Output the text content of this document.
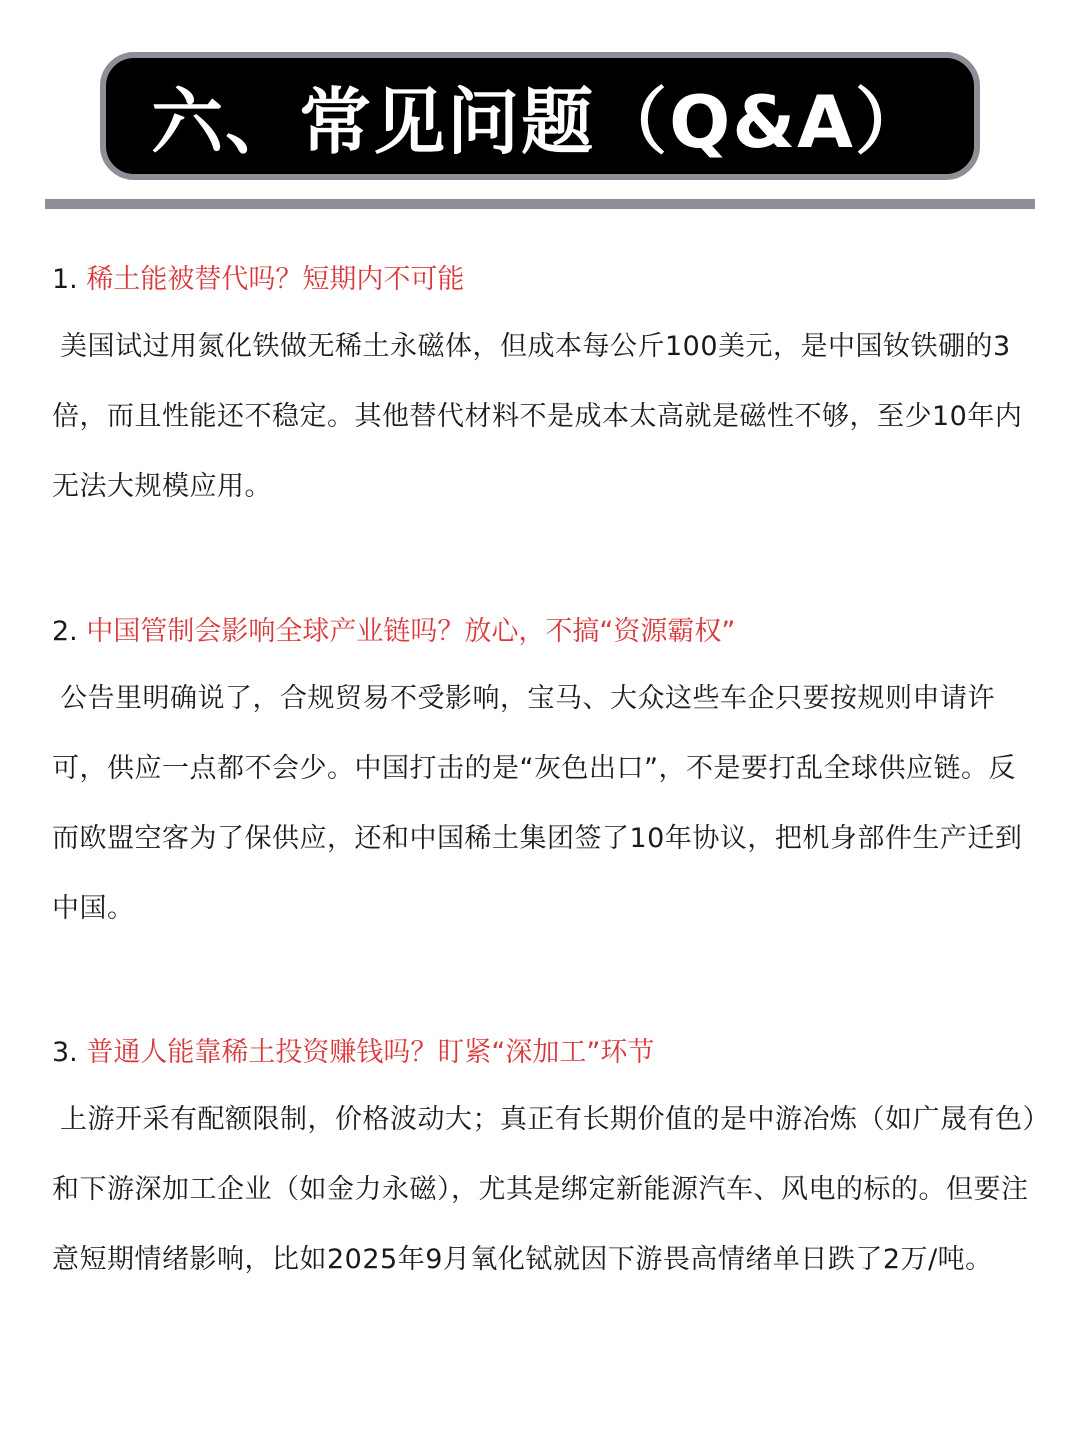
六、常见问题（Q&A）
1. 稀土能被替代吗？短期内不可能
美国试过用氮化铁做无稀土永磁体，但成本每公斤100美元，是中国钕铁硼的3倍，而且性能还不稳定。其他替代材料不是成本太高就是磁性不够，至少10年内无法大规模应用。
2. 中国管制会影响全球产业链吗？放心，不搞“资源霸权”
公告里明确说了，合规贸易不受影响，宝马、大众这些车企只要按规则申请许可，供应一点都不会少。中国打击的是“灰色出口”，不是要打乱全球供应链。反而欧盟空客为了保供应，还和中国稀土集团签了10年协议，把机身部件生产迁到中国。
3. 普通人能靠稀土投资赚钱吗？盯紧“深加工”环节
上游开采有配额限制，价格波动大；真正有长期价值的是中游冶炼（如广晟有色）和下游深加工企业（如金力永磁），尤其是绑定新能源汽车、风电的标的。但要注意短期情绪影响，比如2025年9月氧化铽就因下游畏高情绪单日跌了2万/吨。
